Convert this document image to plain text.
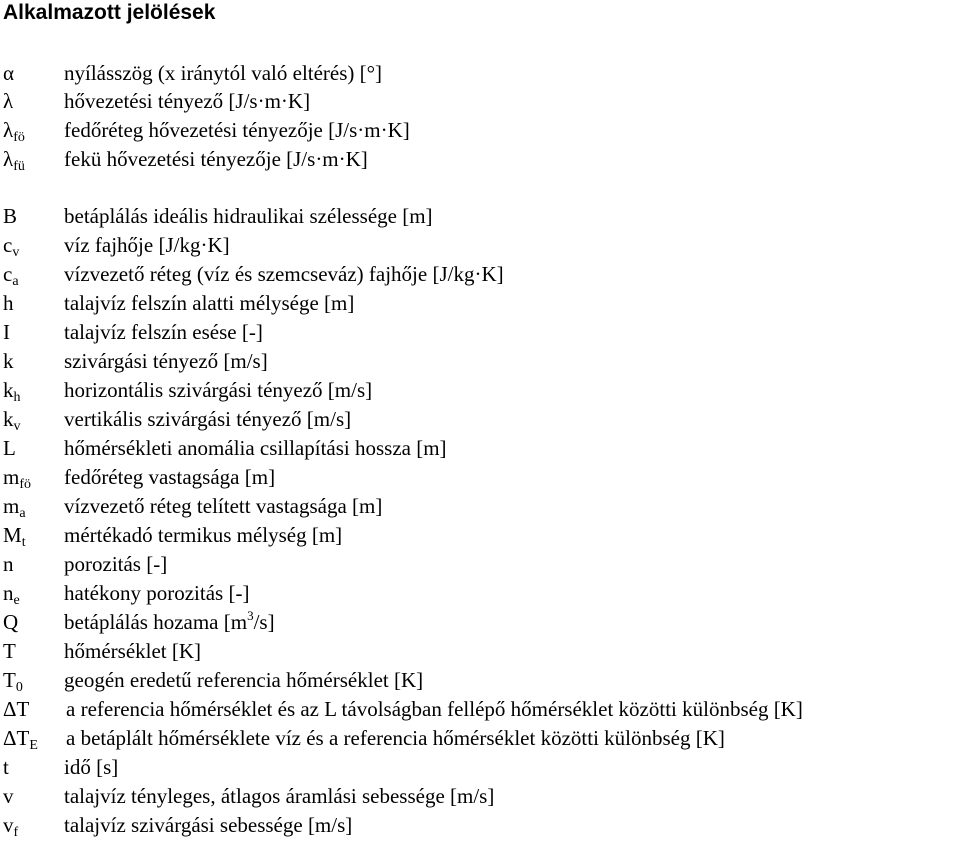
Alkalmazott jelölések
α nyílásszög (x iránytól való eltérés) [°]
λ hővezetési tényező [J/s·m·K]
$\lambda_{fö}$ fedőréteg hővezetési tényezője [J/s·m·K]
$\lambda_{fü}$ fekü hővezetési tényezője [J/s·m·K]
B betáplálás ideális hidraulikai szélessége [m]
$c_v$ víz fajhője [J/kg·K]
$c_a$ vízvezető réteg (víz és szemcseváz) fajhője [J/kg·K]
h talajvíz felszín alatti mélysége [m]
I	talajvíz felszín esése [-]
k szivárgási tényező [m/s]
$k_h$ horizontális szivárgási tényező [m/s]
$k_v$ vertikális szivárgási tényező [m/s]
L hőmérsékleti anomália csillapítási hossza [m]
$m_{fö}$ fedőréteg vastagsága [m]
$m_a$ vízvezető réteg telített vastagsága [m]
$M_t$ mértékadó termikus mélység [m]
n porozitás [-]
$n_e$ hatékony porozitás [-]
Q betáplálás hozama $[m^3/s]$
T hőmérséklet [K]
$T_0$ geogén eredetű referencia hőmérséklet [K]
ΔT a referencia hőmérséklet és az L távolságban fellépő hőmérséklet közötti különbség [K]
$\Delta T_E$ a betáplált hőmérséklete víz és a referencia hőmérséklet közötti különbség [K]
t	idő [s]
v talajvíz tényleges, átlagos áramlási sebessége [m/s]
$v_f$ talajvíz szivárgási sebessége [m/s]
